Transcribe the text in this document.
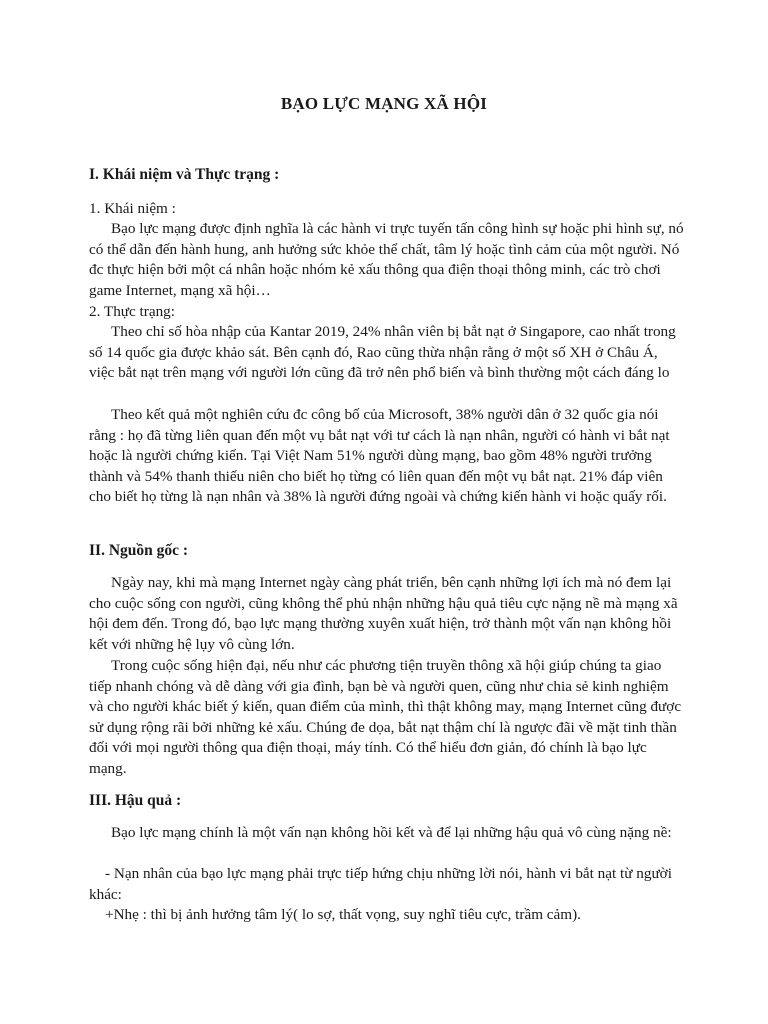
BẠO LỰC MẠNG XÃ HỘI
I. Khái niệm và Thực trạng :
1. Khái niệm :

Bạo lực mạng được định nghĩa là các hành vi trực tuyến tấn công hình sự hoặc phi hình sự, nó có thể dẫn đến hành hung, anh hưởng sức khỏe thể chất, tâm lý hoặc tình cảm của một người. Nó đc thực hiện bởi một cá nhân hoặc nhóm kẻ xấu thông qua điện thoại thông minh, các trò chơi game Internet, mạng xã hội…

2. Thực trạng:

Theo chỉ số hòa nhập của Kantar 2019, 24% nhân viên bị bắt nạt ở Singapore, cao nhất trong số 14 quốc gia được khảo sát. Bên cạnh đó, Rao cũng thừa nhận rằng ở một số XH ở Châu Á, việc bắt nạt trên mạng với người lớn cũng đã trở nên phổ biến và bình thường một cách đáng lo

Theo kết quả một nghiên cứu đc công bố của Microsoft, 38% người dân ở 32 quốc gia nói rằng : họ đã từng liên quan đến một vụ bắt nạt với tư cách là nạn nhân, người có hành vi bắt nạt hoặc là người chứng kiến. Tại Việt Nam 51% người dùng mạng, bao gồm 48% người trưởng thành và 54% thanh thiếu niên cho biết họ từng có liên quan đến một vụ bắt nạt. 21% đáp viên cho biết họ từng là nạn nhân và 38% là người đứng ngoài và chứng kiến hành vi hoặc quấy rối.

II. Nguồn gốc :

Ngày nay, khi mà mạng Internet ngày càng phát triển, bên cạnh những lợi ích mà nó đem lại cho cuộc sống con người, cũng không thể phủ nhận những hậu quả tiêu cực nặng nề mà mạng xã hội đem đến. Trong đó, bạo lực mạng thường xuyên xuất hiện, trở thành một vấn nạn không hồi kết với những hệ lụy vô cùng lớn.

Trong cuộc sống hiện đại, nếu như các phương tiện truyền thông xã hội giúp chúng ta giao tiếp nhanh chóng và dễ dàng với gia đình, bạn bè và người quen, cũng như chia sẻ kinh nghiệm và cho người khác biết ý kiến, quan điểm của mình, thì thật không may, mạng Internet cũng được sử dụng rộng rãi bởi những kẻ xấu. Chúng đe dọa, bắt nạt thậm chí là ngược đãi về mặt tinh thần đối với mọi người thông qua điện thoại, máy tính. Có thể hiểu đơn giản, đó chính là bạo lực mạng.

III. Hậu quả :

Bạo lực mạng chính là một vấn nạn không hồi kết và để lại những hậu quả vô cùng nặng nề:

- Nạn nhân của bạo lực mạng phải trực tiếp hứng chịu những lời nói, hành vi bắt nạt từ người khác:

+Nhẹ : thì bị ảnh hưởng tâm lý( lo sợ, thất vọng, suy nghĩ tiêu cực, trầm cảm).
